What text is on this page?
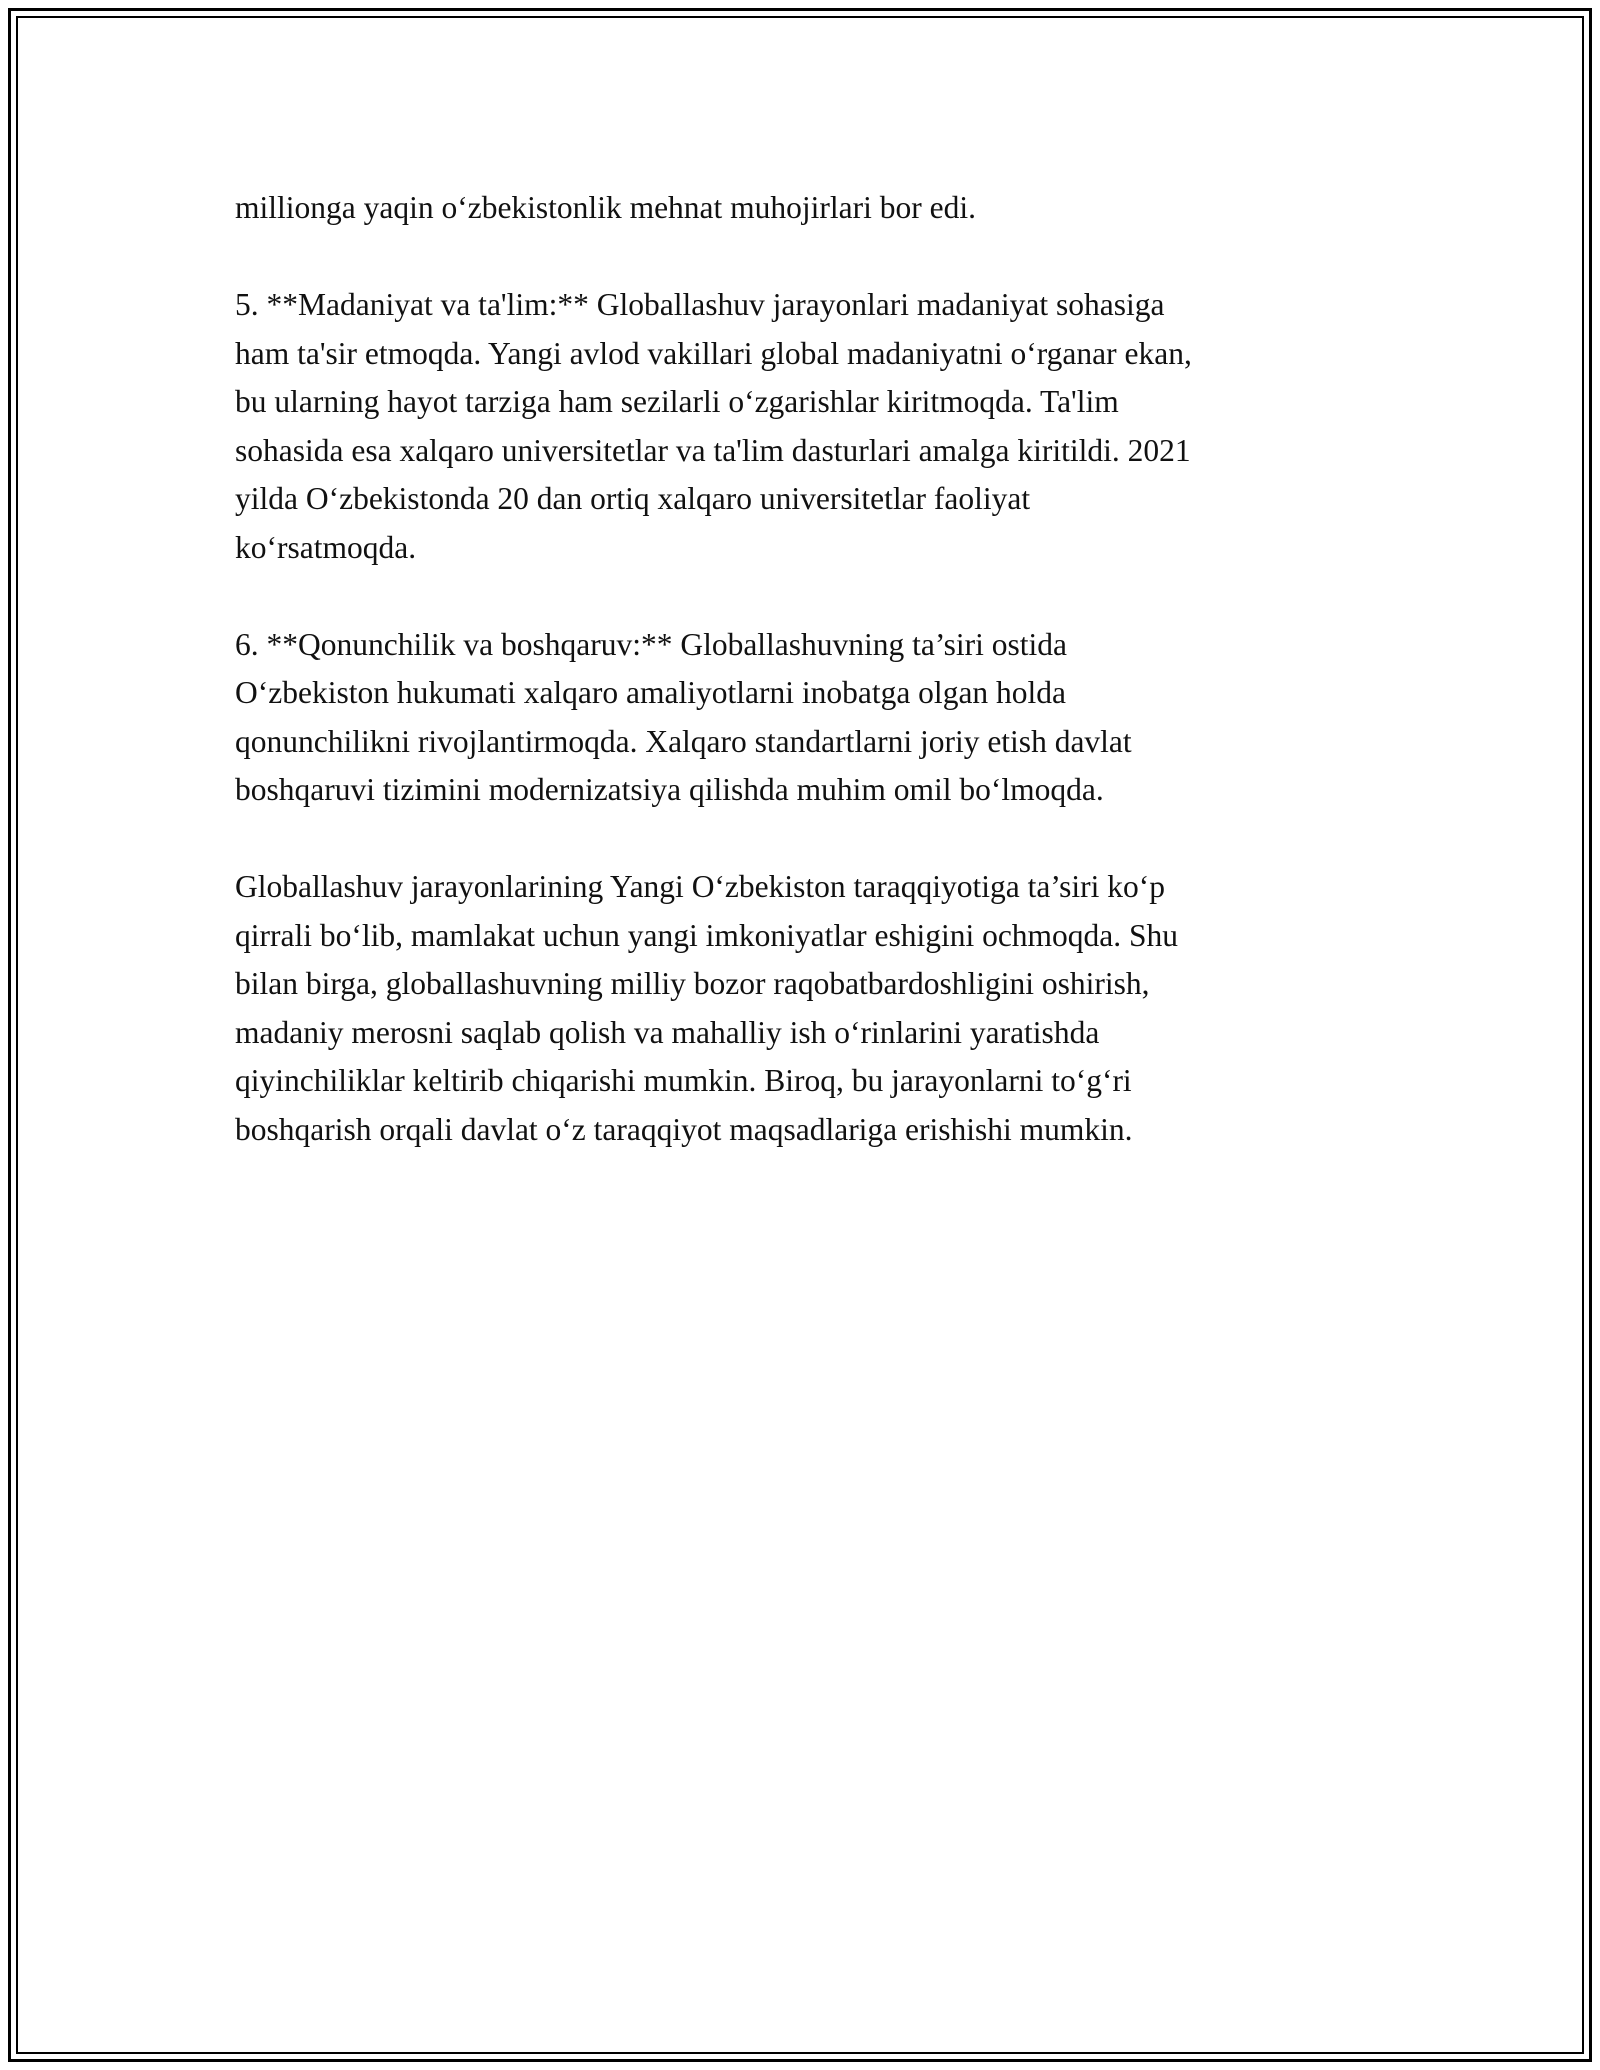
millionga yaqin o‘zbekistonlik mehnat muhojirlari bor edi.

5. **Madaniyat va ta'lim:** Globallashuv jarayonlari madaniyat sohasiga
ham ta'sir etmoqda. Yangi avlod vakillari global madaniyatni o‘rganar ekan,
bu ularning hayot tarziga ham sezilarli o‘zgarishlar kiritmoqda. Ta'lim
sohasida esa xalqaro universitetlar va ta'lim dasturlari amalga kiritildi. 2021
yilda O‘zbekistonda 20 dan ortiq xalqaro universitetlar faoliyat
ko‘rsatmoqda.

6. **Qonunchilik va boshqaruv:** Globallashuvning ta’siri ostida
O‘zbekiston hukumati xalqaro amaliyotlarni inobatga olgan holda
qonunchilikni rivojlantirmoqda. Xalqaro standartlarni joriy etish davlat
boshqaruvi tizimini modernizatsiya qilishda muhim omil bo‘lmoqda.

Globallashuv jarayonlarining Yangi O‘zbekiston taraqqiyotiga ta’siri ko‘p
qirrali bo‘lib, mamlakat uchun yangi imkoniyatlar eshigini ochmoqda. Shu
bilan birga, globallashuvning milliy bozor raqobatbardoshligini oshirish,
madaniy merosni saqlab qolish va mahalliy ish o‘rinlarini yaratishda
qiyinchiliklar keltirib chiqarishi mumkin. Biroq, bu jarayonlarni to‘g‘ri
boshqarish orqali davlat o‘z taraqqiyot maqsadlariga erishishi mumkin.
